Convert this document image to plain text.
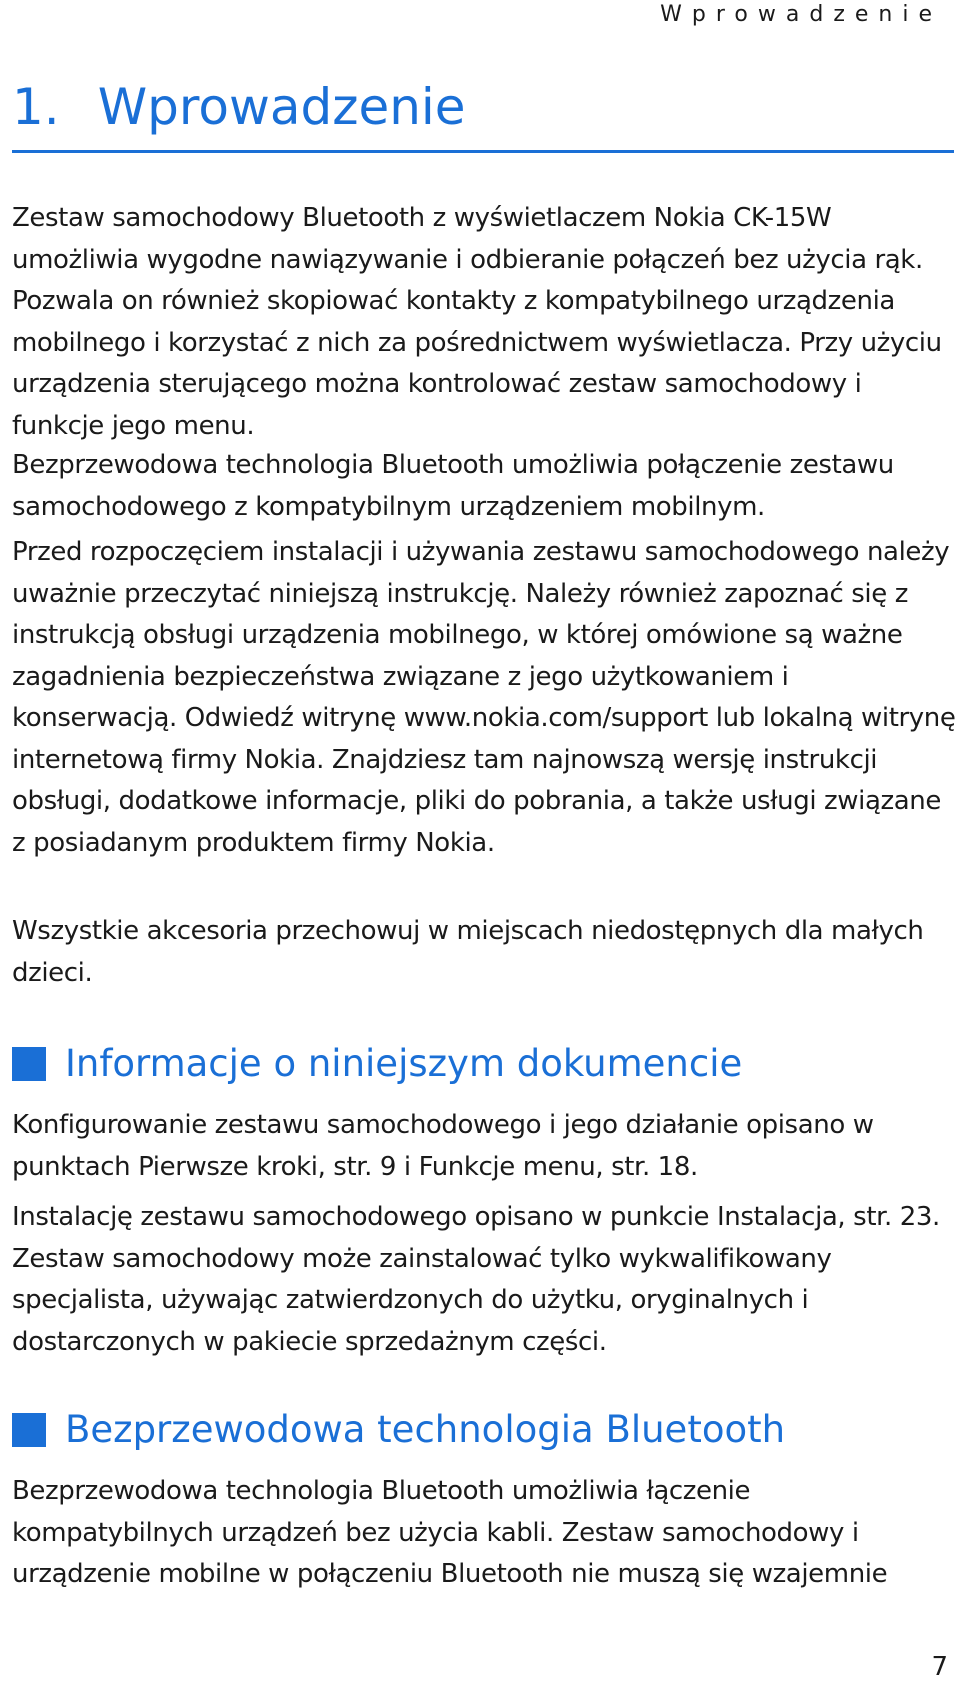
Wprowadzenie
1. Wprowadzenie

Zestaw samochodowy Bluetooth z wyświetlaczem Nokia CK-15W umożliwia wygodne nawiązywanie i odbieranie połączeń bez użycia rąk. Pozwala on również skopiować kontakty z kompatybilnego urządzenia mobilnego i korzystać z nich za pośrednictwem wyświetlacza. Przy użyciu urządzenia sterującego można kontrolować zestaw samochodowy i funkcje jego menu.

Bezprzewodowa technologia Bluetooth umożliwia połączenie zestawu samochodowego z kompatybilnym urządzeniem mobilnym.

Przed rozpoczęciem instalacji i używania zestawu samochodowego należy uważnie przeczytać niniejszą instrukcję. Należy również zapoznać się z instrukcją obsługi urządzenia mobilnego, w której omówione są ważne zagadnienia bezpieczeństwa związane z jego użytkowaniem i konserwacją. Odwiedź witrynę www.nokia.com/support lub lokalną witrynę internetową firmy Nokia. Znajdziesz tam najnowszą wersję instrukcji obsługi, dodatkowe informacje, pliki do pobrania, a także usługi związane z posiadanym produktem firmy Nokia.

Wszystkie akcesoria przechowuj w miejscach niedostępnych dla małych dzieci.

Informacje o niniejszym dokumencie

Konfigurowanie zestawu samochodowego i jego działanie opisano w punktach Pierwsze kroki, str. 9 i Funkcje menu, str. 18.

Instalację zestawu samochodowego opisano w punkcie Instalacja, str. 23. Zestaw samochodowy może zainstalować tylko wykwalifikowany specjalista, używając zatwierdzonych do użytku, oryginalnych i dostarczonych w pakiecie sprzedażnym części.

Bezprzewodowa technologia Bluetooth

Bezprzewodowa technologia Bluetooth umożliwia łączenie kompatybilnych urządzeń bez użycia kabli. Zestaw samochodowy i urządzenie mobilne w połączeniu Bluetooth nie muszą się wzajemnie

7
